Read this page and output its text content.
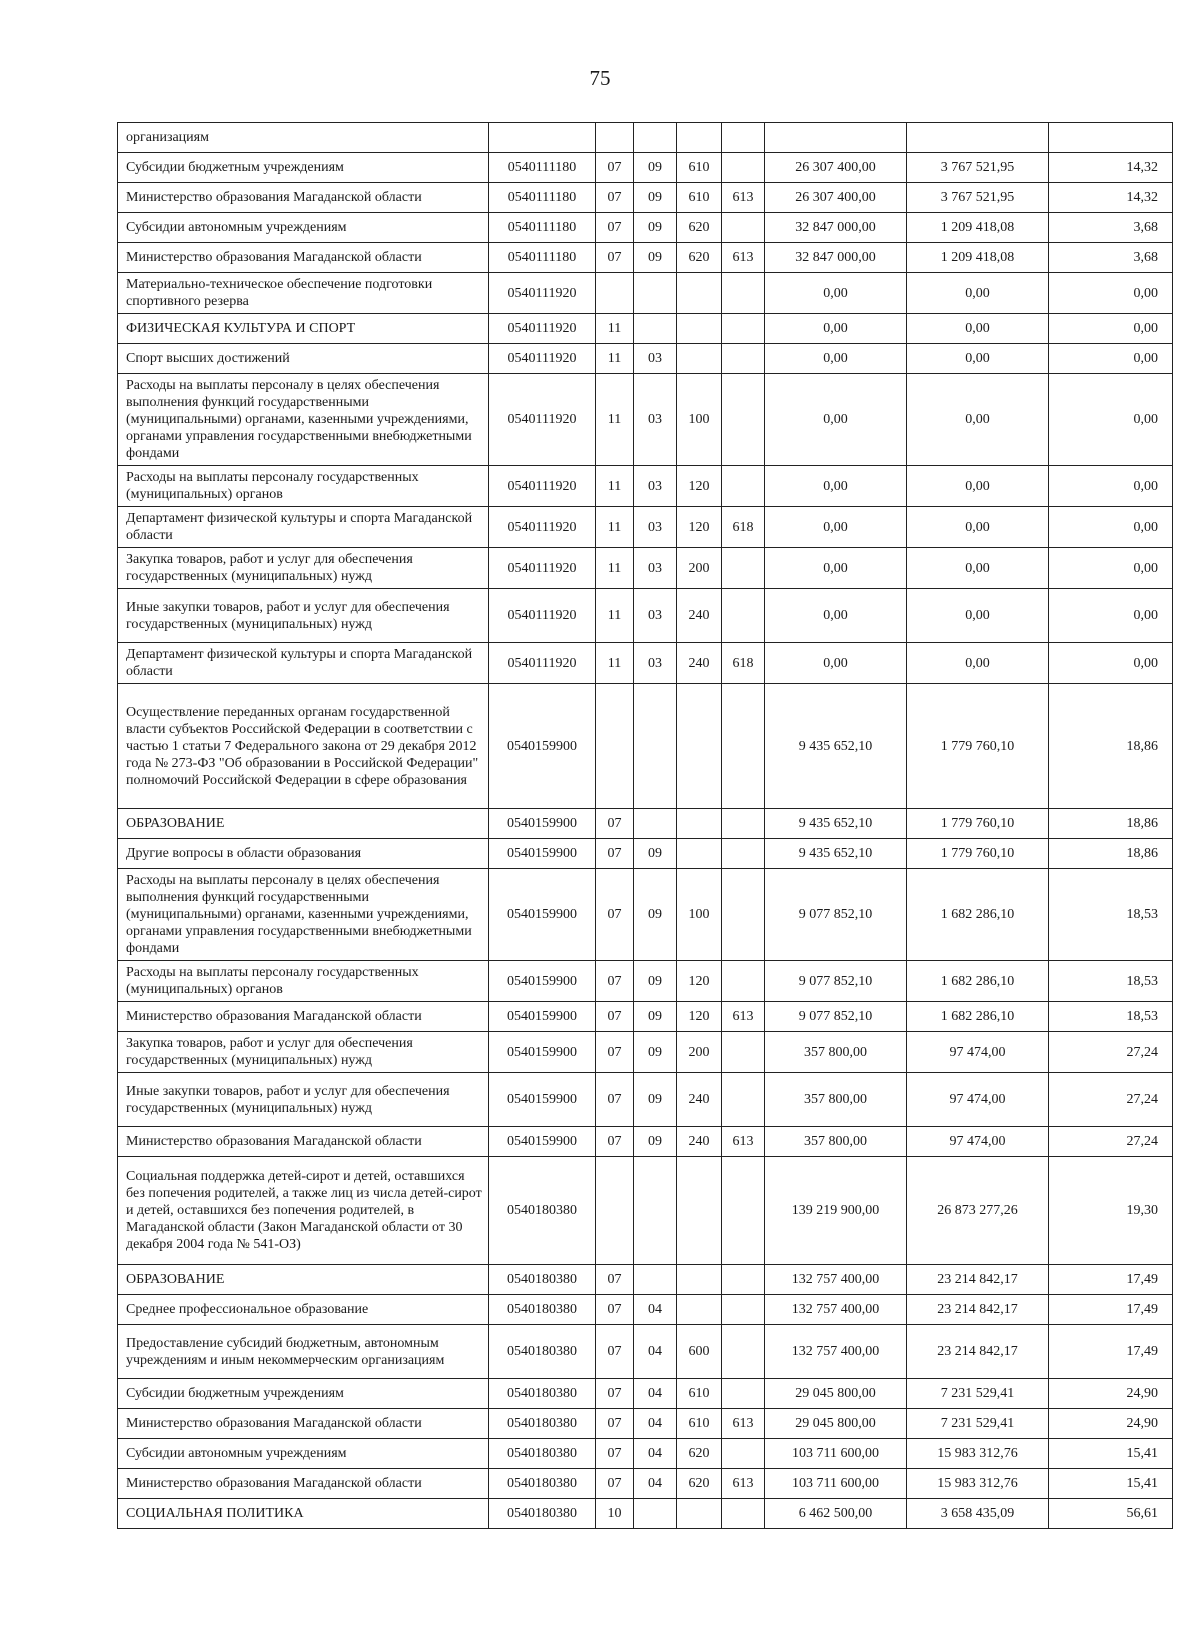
75
организациям								
Субсидии бюджетным учреждениям	0540111180	07	09	610		26 307 400,00	3 767 521,95	14,32
Министерство образования Магаданской области	0540111180	07	09	610	613	26 307 400,00	3 767 521,95	14,32
Субсидии автономным учреждениям	0540111180	07	09	620		32 847 000,00	1 209 418,08	3,68
Министерство образования Магаданской области	0540111180	07	09	620	613	32 847 000,00	1 209 418,08	3,68
Материально-техническое обеспечение подготовки спортивного резерва	0540111920					0,00	0,00	0,00
ФИЗИЧЕСКАЯ КУЛЬТУРА И СПОРТ	0540111920	11				0,00	0,00	0,00
Спорт высших достижений	0540111920	11	03			0,00	0,00	0,00
Расходы на выплаты персоналу в целях обеспечения выполнения функций государственными (муниципальными) органами, казенными учреждениями, органами управления государственными внебюджетными фондами	0540111920	11	03	100		0,00	0,00	0,00
Расходы на выплаты персоналу государственных (муниципальных) органов	0540111920	11	03	120		0,00	0,00	0,00
Департамент физической культуры и спорта Магаданской области	0540111920	11	03	120	618	0,00	0,00	0,00
Закупка товаров, работ и услуг для обеспечения государственных (муниципальных) нужд	0540111920	11	03	200		0,00	0,00	0,00
Иные закупки товаров, работ и услуг для обеспечения государственных (муниципальных) нужд	0540111920	11	03	240		0,00	0,00	0,00
Департамент физической культуры и спорта Магаданской области	0540111920	11	03	240	618	0,00	0,00	0,00
Осуществление переданных органам государственной власти субъектов Российской Федерации в соответствии с частью 1 статьи 7 Федерального закона от 29 декабря 2012 года № 273-ФЗ "Об образовании в Российской Федерации" полномочий Российской Федерации в сфере образования	0540159900					9 435 652,10	1 779 760,10	18,86
ОБРАЗОВАНИЕ	0540159900	07				9 435 652,10	1 779 760,10	18,86
Другие вопросы в области образования	0540159900	07	09			9 435 652,10	1 779 760,10	18,86
Расходы на выплаты персоналу в целях обеспечения выполнения функций государственными (муниципальными) органами, казенными учреждениями, органами управления государственными внебюджетными фондами	0540159900	07	09	100		9 077 852,10	1 682 286,10	18,53
Расходы на выплаты персоналу государственных (муниципальных) органов	0540159900	07	09	120		9 077 852,10	1 682 286,10	18,53
Министерство образования Магаданской области	0540159900	07	09	120	613	9 077 852,10	1 682 286,10	18,53
Закупка товаров, работ и услуг для обеспечения государственных (муниципальных) нужд	0540159900	07	09	200		357 800,00	97 474,00	27,24
Иные закупки товаров, работ и услуг для обеспечения государственных (муниципальных) нужд	0540159900	07	09	240		357 800,00	97 474,00	27,24
Министерство образования Магаданской области	0540159900	07	09	240	613	357 800,00	97 474,00	27,24
Социальная поддержка детей-сирот и детей, оставшихся без попечения родителей, а также лиц из числа детей-сирот и детей, оставшихся без попечения родителей, в Магаданской области (Закон Магаданской области от 30 декабря 2004 года № 541-ОЗ)	0540180380					139 219 900,00	26 873 277,26	19,30
ОБРАЗОВАНИЕ	0540180380	07				132 757 400,00	23 214 842,17	17,49
Среднее профессиональное образование	0540180380	07	04			132 757 400,00	23 214 842,17	17,49
Предоставление субсидий бюджетным, автономным учреждениям и иным некоммерческим организациям	0540180380	07	04	600		132 757 400,00	23 214 842,17	17,49
Субсидии бюджетным учреждениям	0540180380	07	04	610		29 045 800,00	7 231 529,41	24,90
Министерство образования Магаданской области	0540180380	07	04	610	613	29 045 800,00	7 231 529,41	24,90
Субсидии автономным учреждениям	0540180380	07	04	620		103 711 600,00	15 983 312,76	15,41
Министерство образования Магаданской области	0540180380	07	04	620	613	103 711 600,00	15 983 312,76	15,41
СОЦИАЛЬНАЯ ПОЛИТИКА	0540180380	10				6 462 500,00	3 658 435,09	56,61
